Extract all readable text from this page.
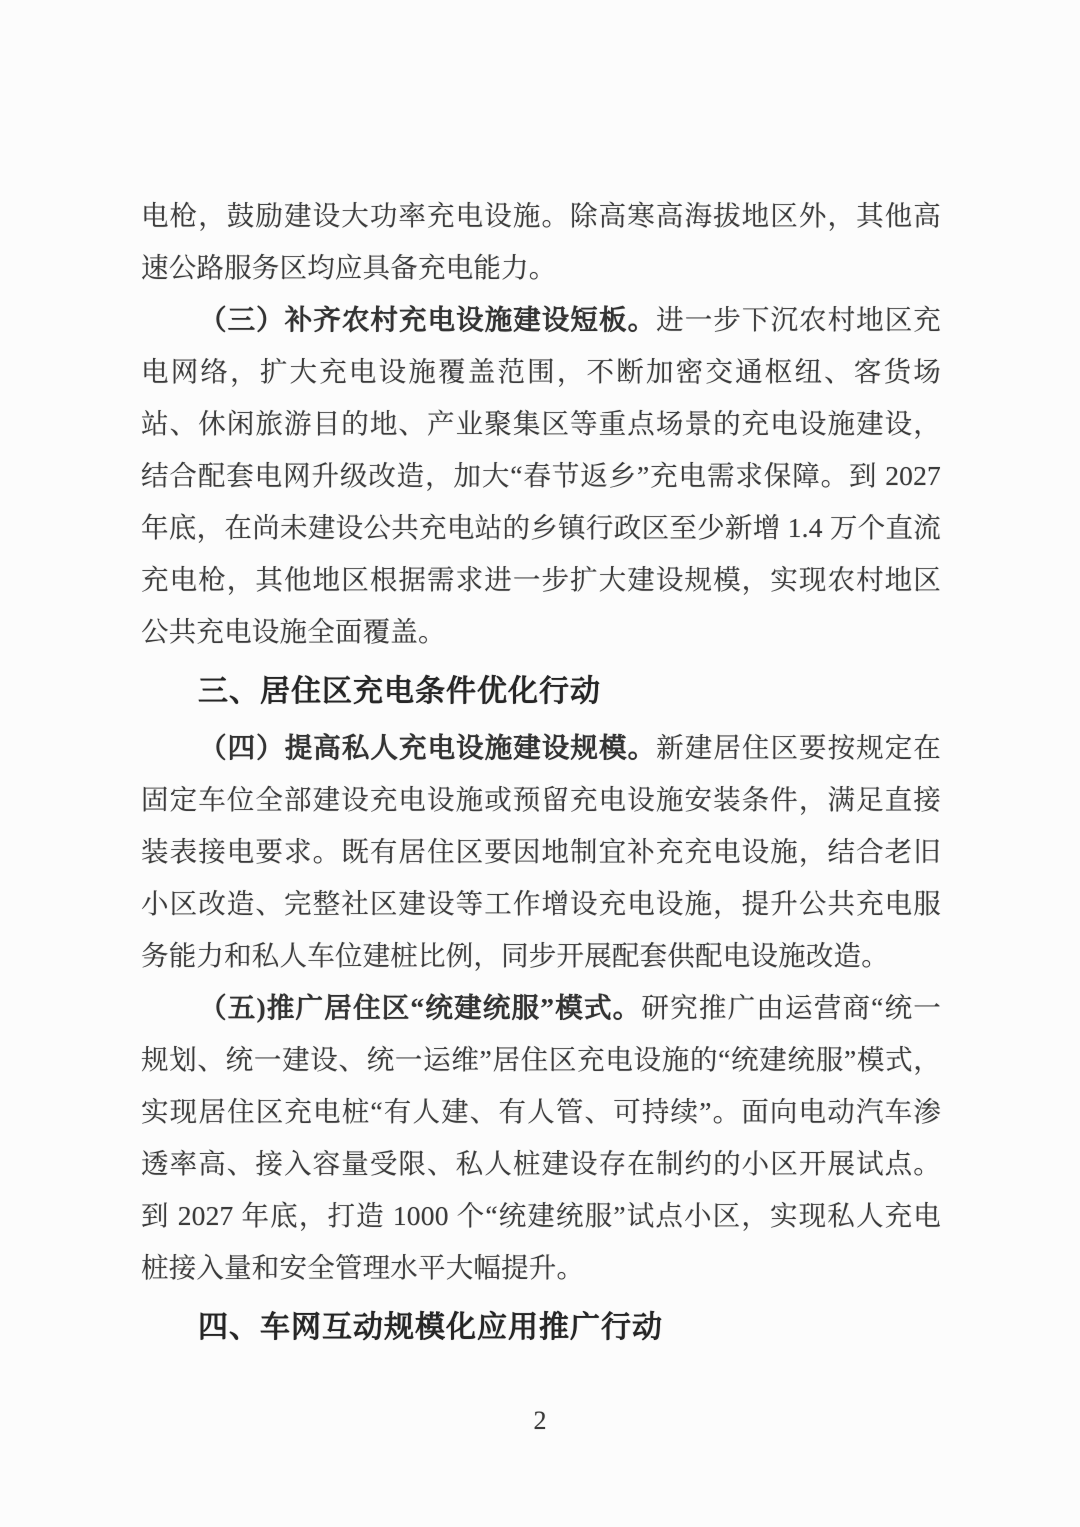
电枪，鼓励建设大功率充电设施。除高寒高海拔地区外，其他高速公路服务区均应具备充电能力。

（三）补齐农村充电设施建设短板。进一步下沉农村地区充电网络，扩大充电设施覆盖范围，不断加密交通枢纽、客货场站、休闲旅游目的地、产业聚集区等重点场景的充电设施建设，结合配套电网升级改造，加大“春节返乡”充电需求保障。到 2027 年底，在尚未建设公共充电站的乡镇行政区至少新增 1.4 万个直流充电枪，其他地区根据需求进一步扩大建设规模，实现农村地区公共充电设施全面覆盖。

三、居住区充电条件优化行动

（四）提高私人充电设施建设规模。新建居住区要按规定在固定车位全部建设充电设施或预留充电设施安装条件，满足直接装表接电要求。既有居住区要因地制宜补充充电设施，结合老旧小区改造、完整社区建设等工作增设充电设施，提升公共充电服务能力和私人车位建桩比例，同步开展配套供配电设施改造。

（五)推广居住区“统建统服”模式。研究推广由运营商“统一规划、统一建设、统一运维”居住区充电设施的“统建统服”模式，实现居住区充电桩“有人建、有人管、可持续”。面向电动汽车渗透率高、接入容量受限、私人桩建设存在制约的小区开展试点。到 2027 年底，打造 1000 个“统建统服”试点小区，实现私人充电桩接入量和安全管理水平大幅提升。

四、车网互动规模化应用推广行动
2
